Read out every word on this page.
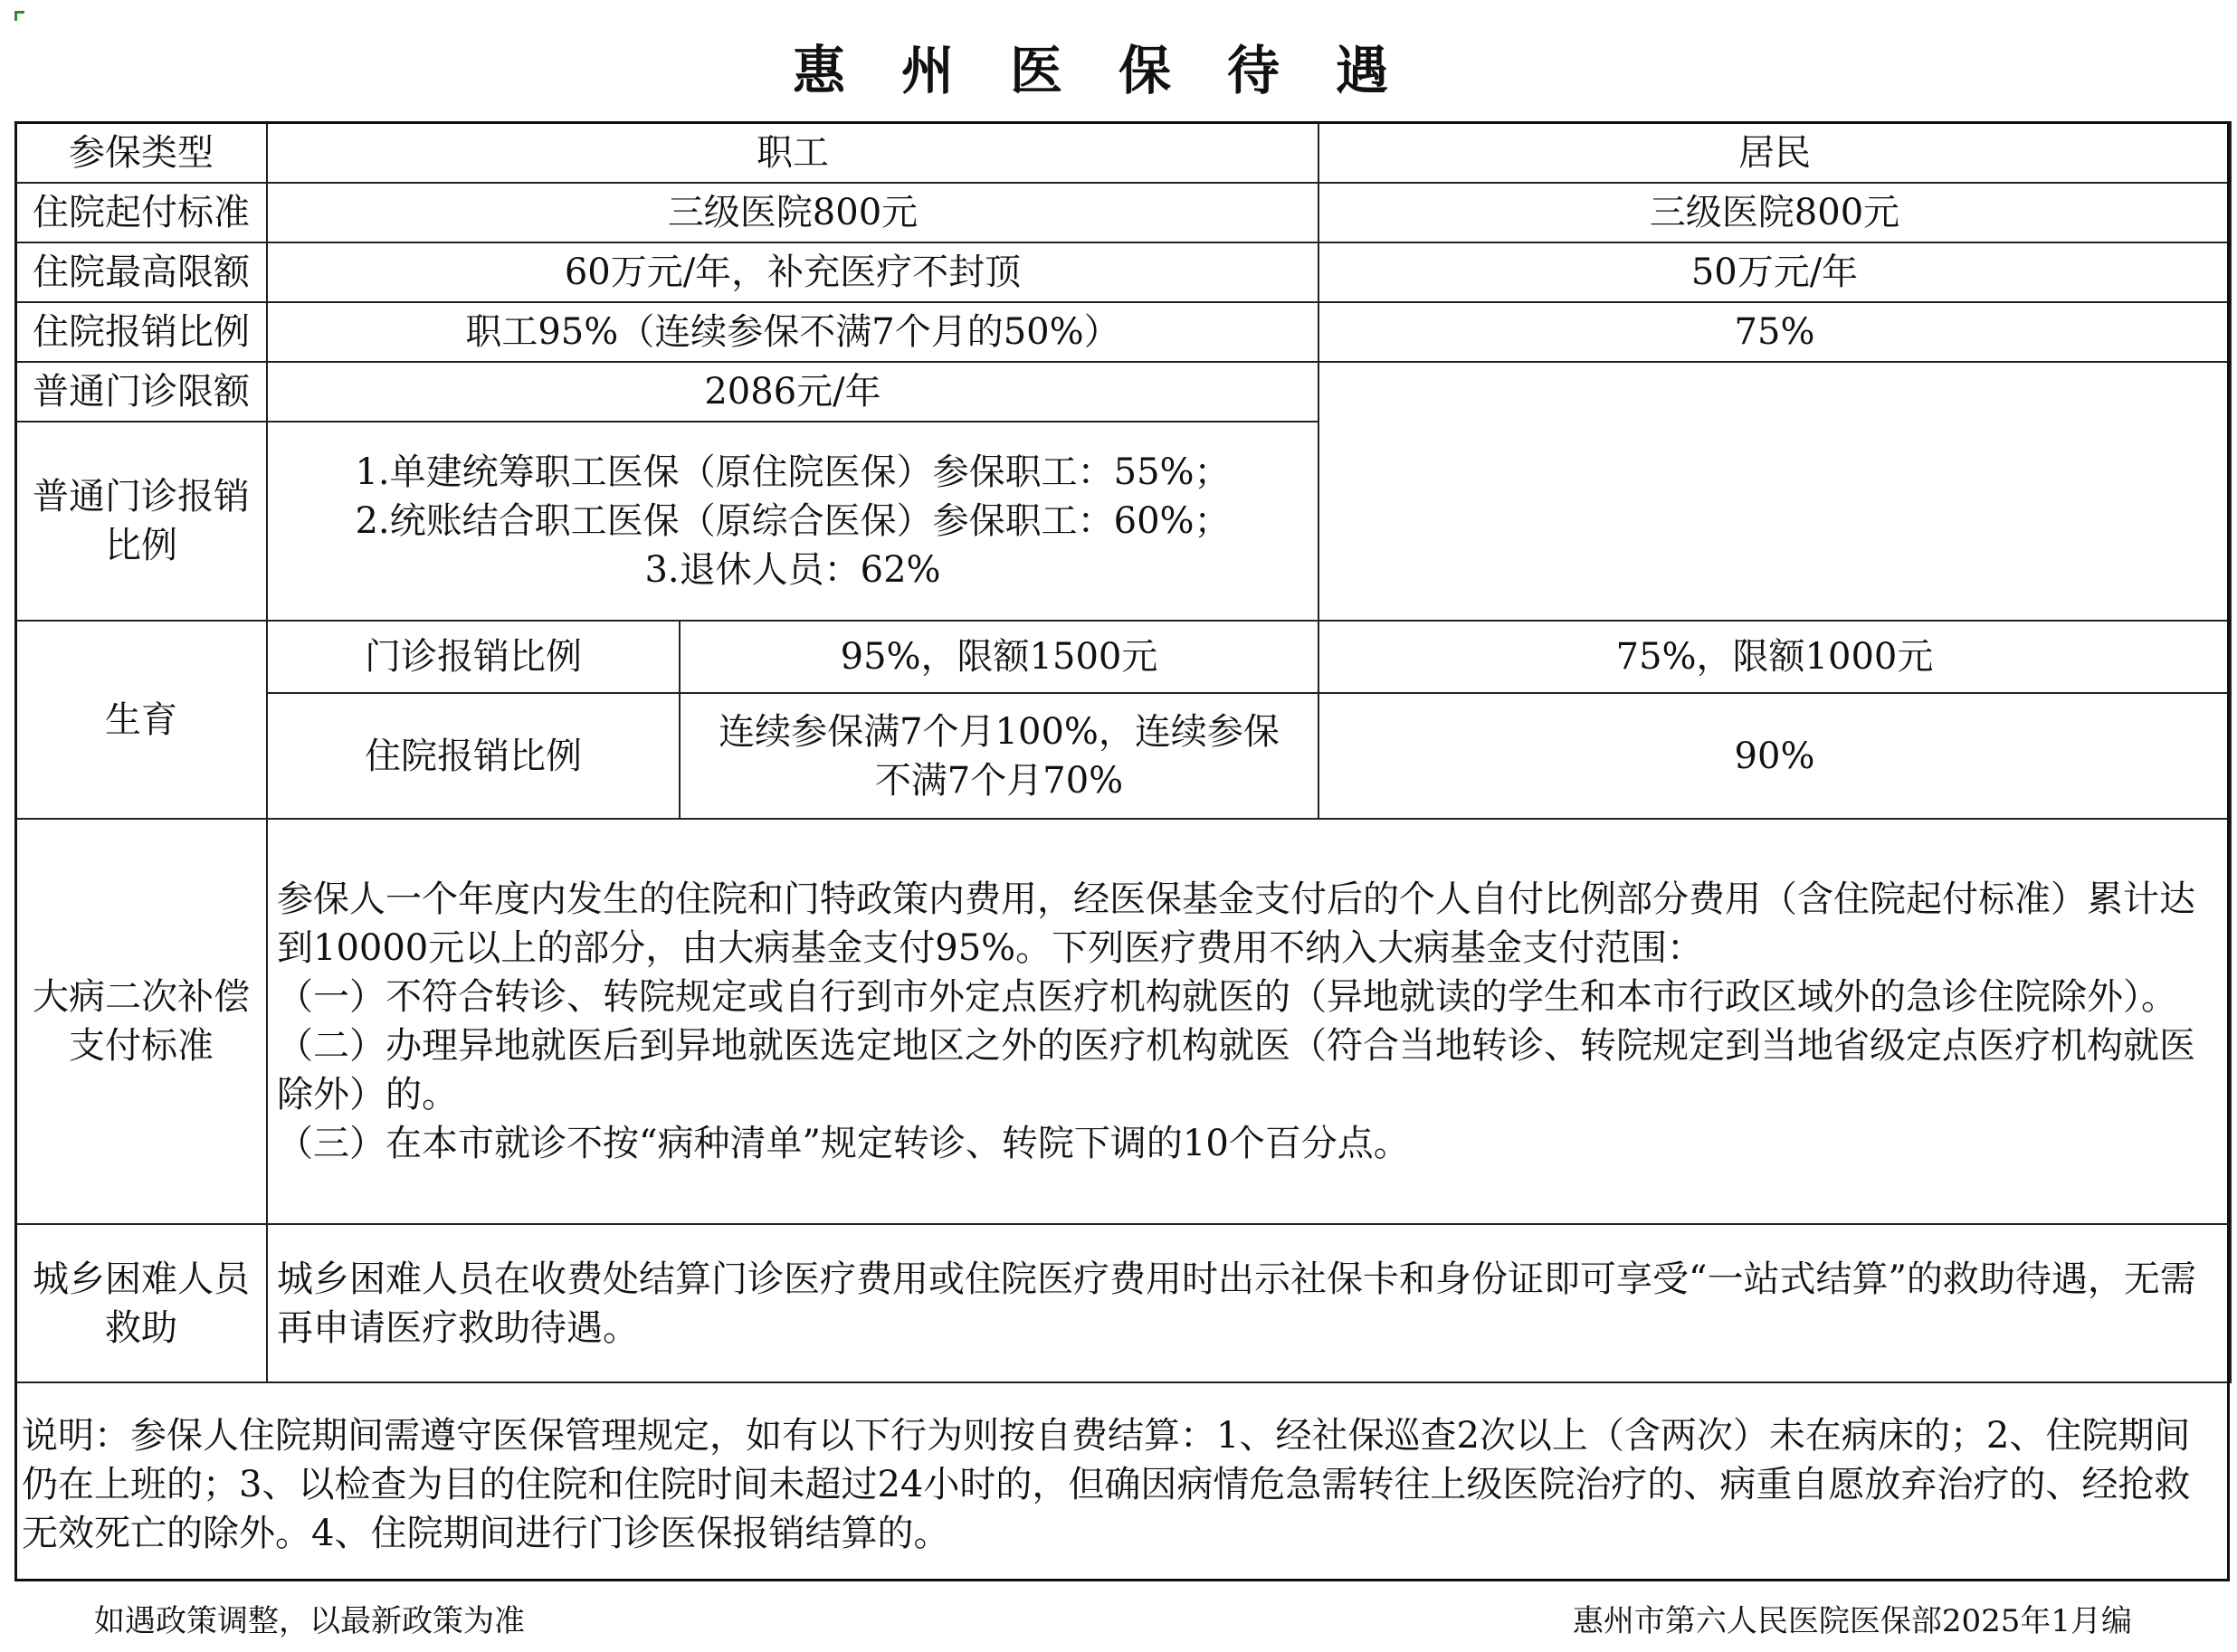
惠州医保待遇
参保类型	职工		居民
住院起付标准	三级医院800元		三级医院800元
住院最高限额	60万元/年，补充医疗不封顶		50万元/年
住院报销比例	职工95%（连续参保不满7个月的50%）		75%
普通门诊限额	2086元/年		

普通门诊报销
比例	1.单建统筹职工医保（原住院医保）参保职工：55%；
2.统账结合职工医保（原综合医保）参保职工：60%；
3.退休人员：62%		

生育	门诊报销比例	95%，限额1500元	75%，限额1000元
	住院报销比例	连续参保满7个月100%，连续参保
不满7个月70%	90%

大病二次补偿
支付标准	参保人一个年度内发生的住院和门特政策内费用，经医保基金支付后的个人自付比例部分费用（含住院起付标准）累计达到10000元以上的部分，由大病基金支付95%。下列医疗费用不纳入大病基金支付范围：
（一）不符合转诊、转院规定或自行到市外定点医疗机构就医的（异地就读的学生和本市行政区域外的急诊住院除外）。
（二）办理异地就医后到异地就医选定地区之外的医疗机构就医（符合当地转诊、转院规定到当地省级定点医疗机构就医除外）的。
（三）在本市就诊不按“病种清单”规定转诊、转院下调的10个百分点。		

城乡困难人员
救助	城乡困难人员在收费处结算门诊医疗费用或住院医疗费用时出示社保卡和身份证即可享受“一站式结算”的救助待遇，无需再申请医疗救助待遇。		
说明：参保人住院期间需遵守医保管理规定，如有以下行为则按自费结算：1、经社保巡查2次以上（含两次）未在病床的；2、住院期间仍在上班的；3、以检查为目的住院和住院时间未超过24小时的，但确因病情危急需转往上级医院治疗的、病重自愿放弃治疗的、经抢救无效死亡的除外。4、住院期间进行门诊医保报销结算的。
如遇政策调整，以最新政策为准	惠州市第六人民医院医保部2025年1月编
